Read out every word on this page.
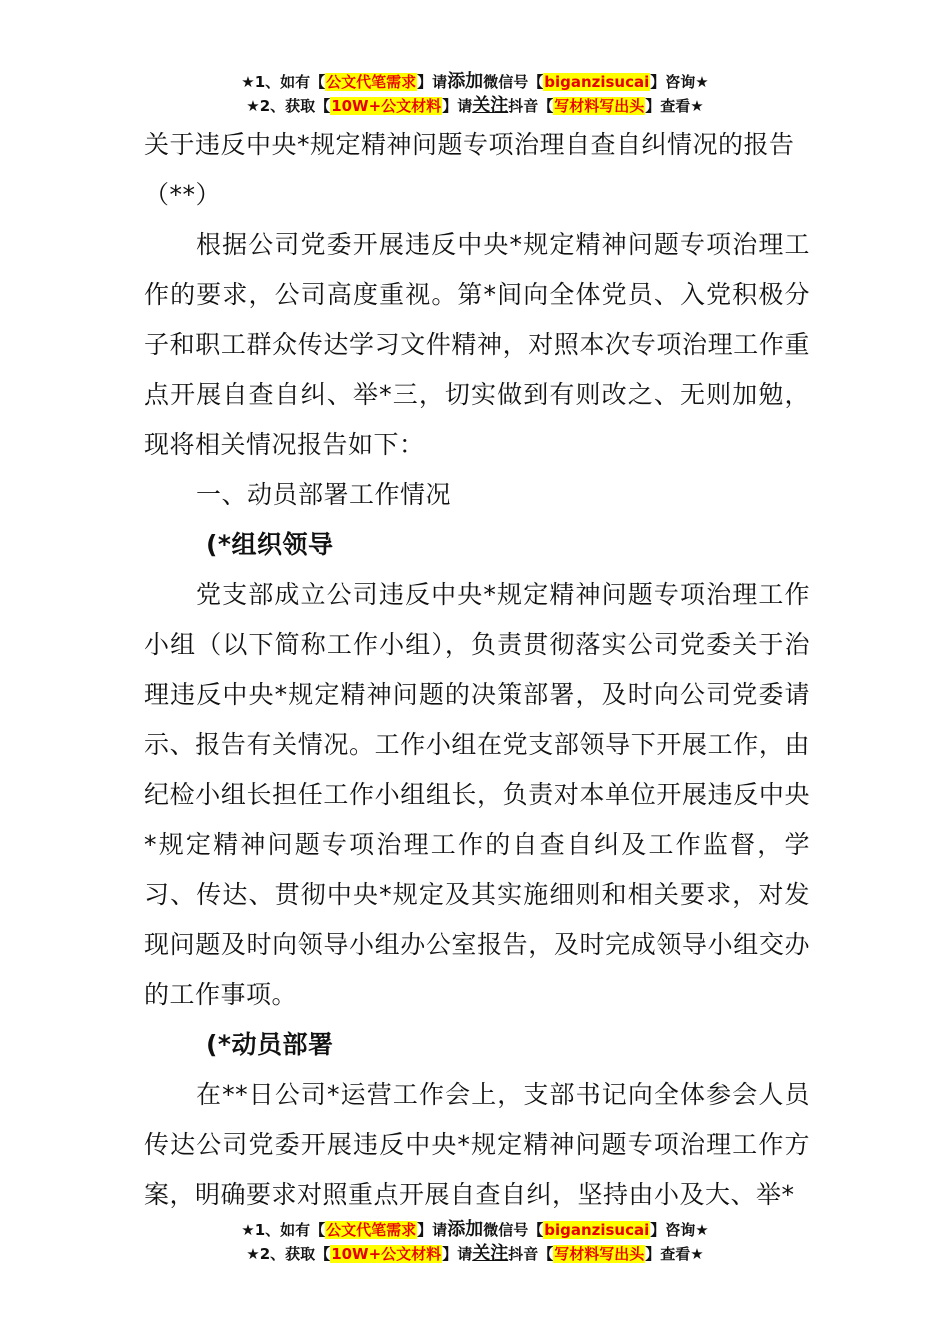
★1、如有【公文代笔需求】请添加微信号【biganzisucai】咨询★
★2、获取【10W+公文材料】请关注抖音【写材料写出头】查看★

关于违反中央*规定精神问题专项治理自查自纠情况的报告

（**）

根据公司党委开展违反中央*规定精神问题专项治理工作的要求，公司高度重视。第*间向全体党员、入党积极分子和职工群众传达学习文件精神，对照本次专项治理工作重点开展自查自纠、举*三，切实做到有则改之、无则加勉，现将相关情况报告如下：

一、动员部署工作情况

(*组织领导

党支部成立公司违反中央*规定精神问题专项治理工作小组（以下简称工作小组），负责贯彻落实公司党委关于治理违反中央*规定精神问题的决策部署，及时向公司党委请示、报告有关情况。工作小组在党支部领导下开展工作，由纪检小组长担任工作小组组长，负责对本单位开展违反中央*规定精神问题专项治理工作的自查自纠及工作监督，学习、传达、贯彻中央*规定及其实施细则和相关要求，对发现问题及时向领导小组办公室报告，及时完成领导小组交办的工作事项。

(*动员部署

在**日公司*运营工作会上，支部书记向全体参会人员传达公司党委开展违反中央*规定精神问题专项治理工作方案，明确要求对照重点开展自查自纠，坚持由小及大、举*

★1、如有【公文代笔需求】请添加微信号【biganzisucai】咨询★
★2、获取【10W+公文材料】请关注抖音【写材料写出头】查看★
